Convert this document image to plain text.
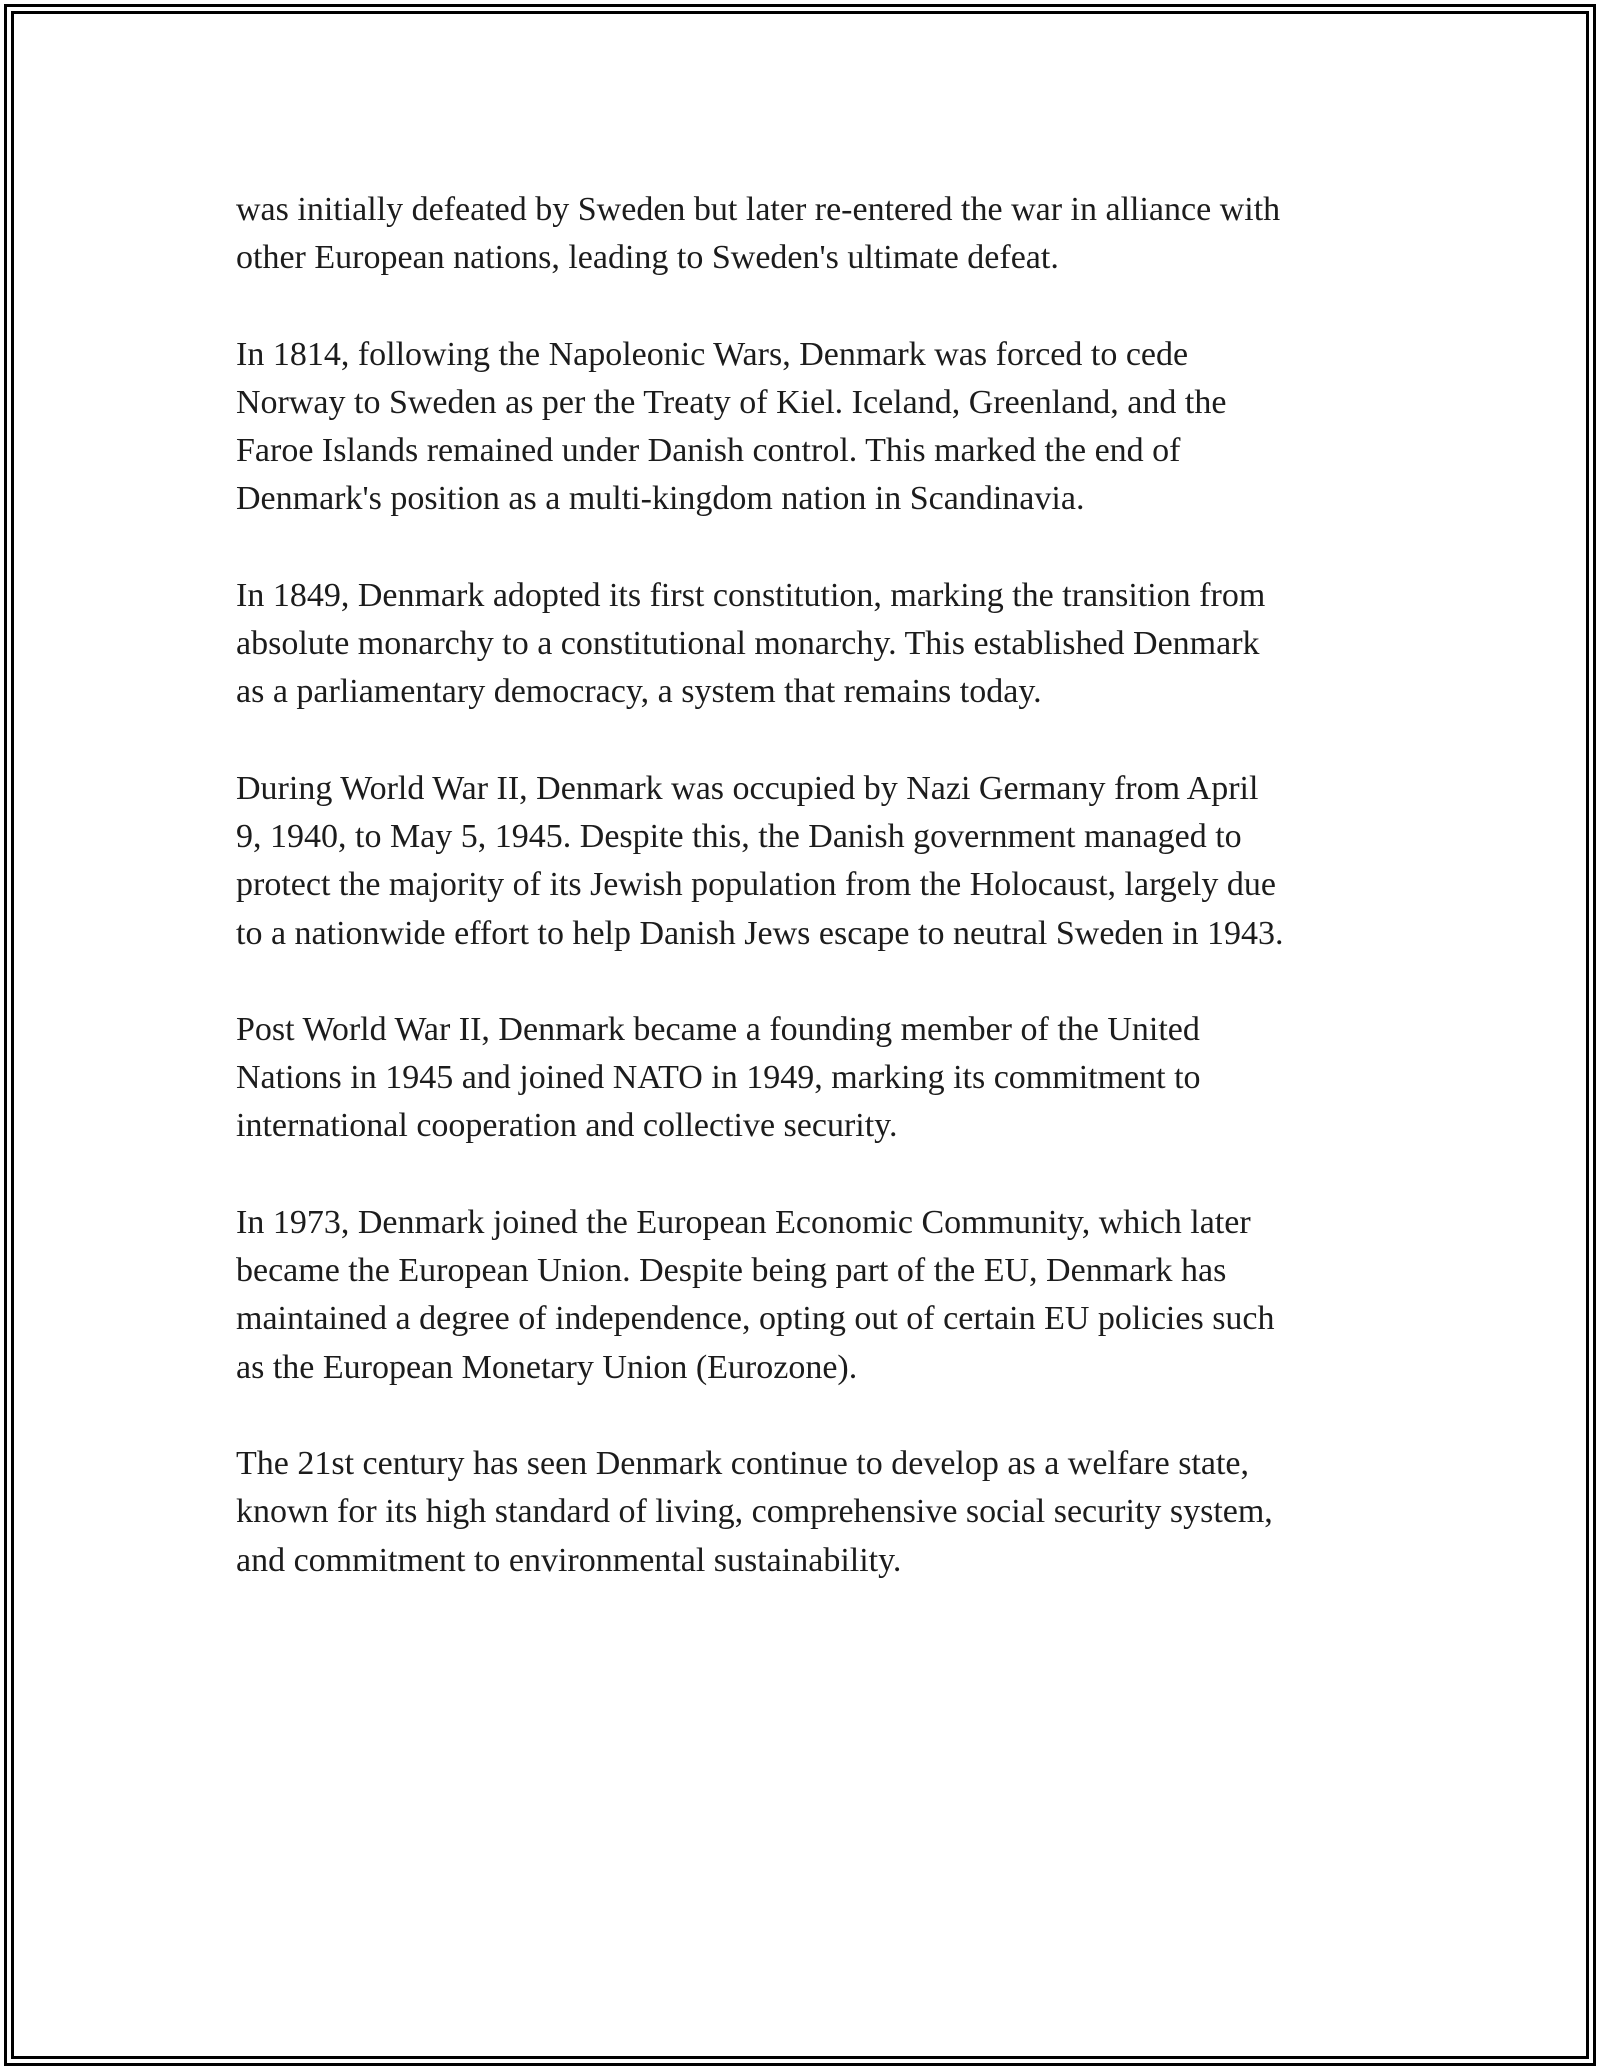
was initially defeated by Sweden but later re-entered the war in alliance with
other European nations, leading to Sweden's ultimate defeat.

In 1814, following the Napoleonic Wars, Denmark was forced to cede
Norway to Sweden as per the Treaty of Kiel. Iceland, Greenland, and the
Faroe Islands remained under Danish control. This marked the end of
Denmark's position as a multi-kingdom nation in Scandinavia.

In 1849, Denmark adopted its first constitution, marking the transition from
absolute monarchy to a constitutional monarchy. This established Denmark
as a parliamentary democracy, a system that remains today.

During World War II, Denmark was occupied by Nazi Germany from April
9, 1940, to May 5, 1945. Despite this, the Danish government managed to
protect the majority of its Jewish population from the Holocaust, largely due
to a nationwide effort to help Danish Jews escape to neutral Sweden in 1943.

Post World War II, Denmark became a founding member of the United
Nations in 1945 and joined NATO in 1949, marking its commitment to
international cooperation and collective security.

In 1973, Denmark joined the European Economic Community, which later
became the European Union. Despite being part of the EU, Denmark has
maintained a degree of independence, opting out of certain EU policies such
as the European Monetary Union (Eurozone).

The 21st century has seen Denmark continue to develop as a welfare state,
known for its high standard of living, comprehensive social security system,
and commitment to environmental sustainability.
